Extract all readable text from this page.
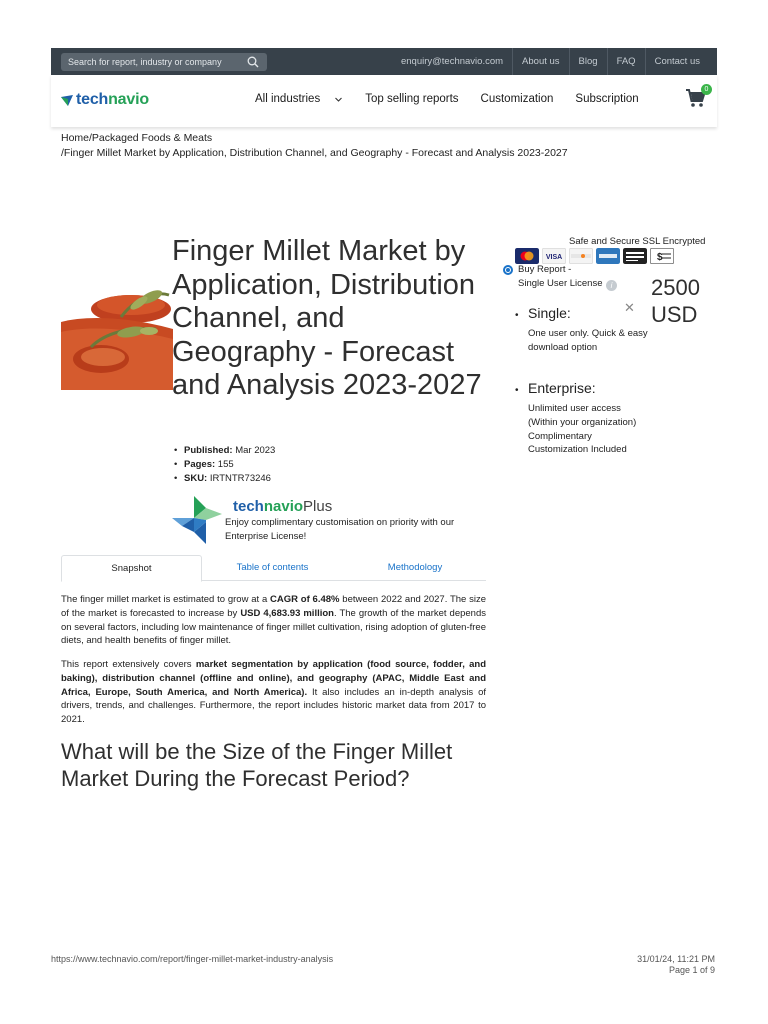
Search for report, industry or company
enquiry@technavio.com	About us	Blog	FAQ	Contact us
tech navio	All industries	Top selling reports Customization Subscription
0
Home/Packaged Foods & Meats
/Finger Millet Market by Application, Distribution Channel, and Geography - Forecast and Analysis 2023-2027
Finger Millet Market by Application, Distribution Channel, and Geography - Forecast and Analysis 2023-2027
• Published: Mar 2023
• Pages: 155
• SKU: IRTNTR73246
technavioPlus
Enjoy complimentary customisation on priority with our Enterprise License!
Snapshot	Table of contents	Methodology

The finger millet market is estimated to grow at a CAGR of 6.48% between 2022 and 2027. The size of the market is forecasted to increase by USD 4,683.93 million. The growth of the market depends on several factors, including low maintenance of finger millet cultivation, rising adoption of gluten-free diets, and health benefits of finger millet.

This report extensively covers market segmentation by application (food source, fodder, and baking), distribution channel (offline and online), and geography (APAC, Middle East and Africa, Europe, South America, and North America). It also includes an in-depth analysis of drivers, trends, and challenges. Furthermore, the report includes historic market data from 2017 to 2021.

What will be the Size of the Finger Millet Market During the Forecast Period?
Safe and Secure SSL Encrypted
VISA	$
Buy Report -
Single User License	i 2500 USD
• Single:	✕
One user only. Quick & easy download option
• Enterprise:
Unlimited user access (Within your organization) Complimentary Customization Included
https://www.technavio.com/report/finger-millet-market-industry-analysis	31/01/24, 11:21 PM
Page 1 of 9
